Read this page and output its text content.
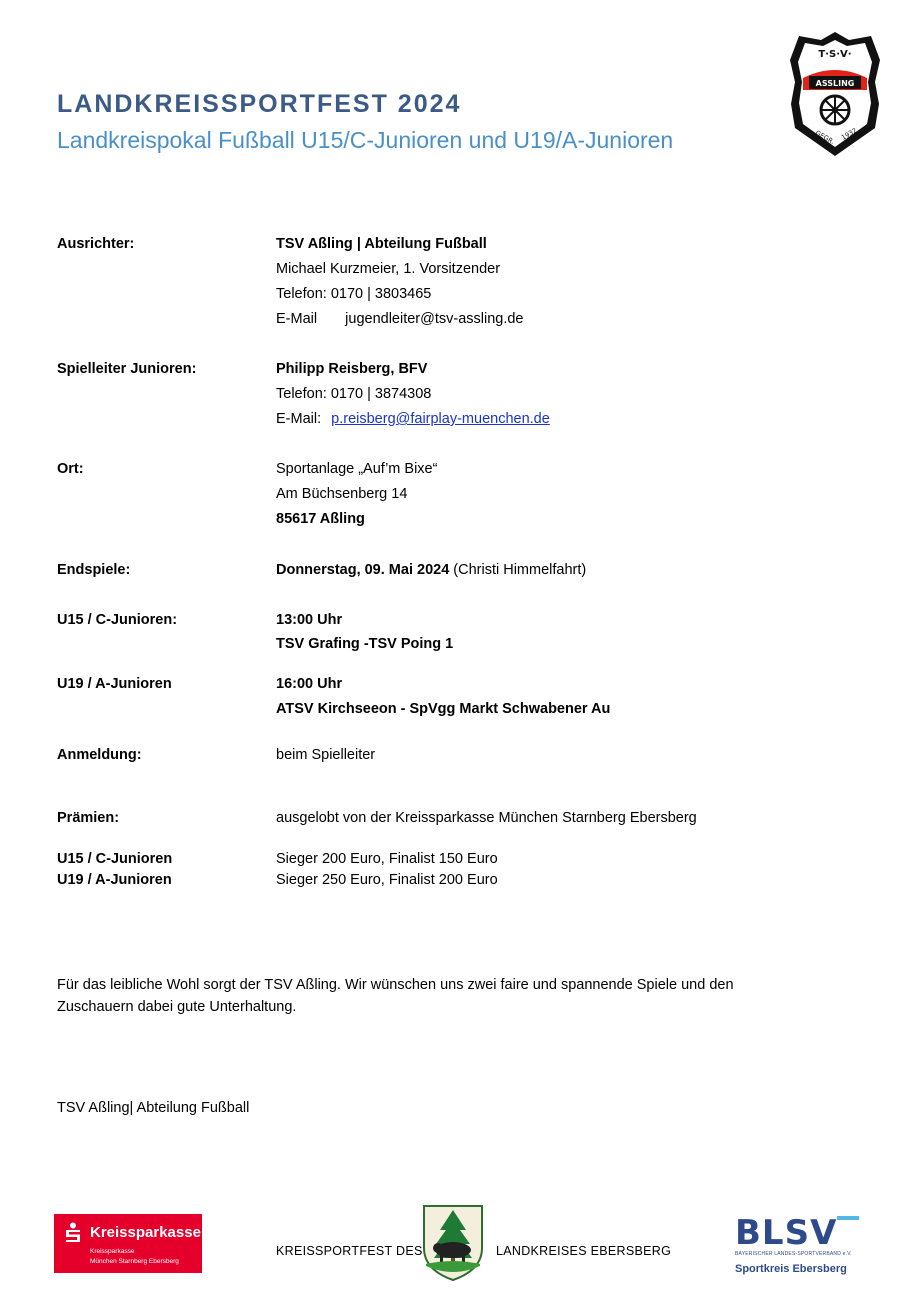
LANDKREISSPORTFEST 2024
Landkreispokal Fußball U15/C-Junioren und U19/A-Junioren
T·S·V·
ASSLING
GEGR. 1932
Ausrichter:	TSV Aßling | Abteilung Fußball
Michael Kurzmeier, 1. Vorsitzender
Telefon: 0170 | 3803465
E-Mail jugendleiter@tsv-assling.de
Spielleiter Junioren:	Philipp Reisberg, BFV
Telefon: 0170 | 3874308
E-Mail: p.reisberg@fairplay-muenchen.de
Ort:	Sportanlage „Auf’m Bixe“
Am Büchsenberg 14
85617 Aßling
Endspiele:	Donnerstag, 09. Mai 2024 (Christi Himmelfahrt)
U15 / C-Junioren:	13:00 Uhr
TSV Grafing -TSV Poing 1
U19 / A-Junioren	16:00 Uhr
ATSV Kirchseeon - SpVgg Markt Schwabener Au
Anmeldung:	beim Spielleiter
Prämien:	ausgelobt von der Kreissparkasse München Starnberg Ebersberg
U15 / C-Junioren	Sieger 200 Euro, Finalist 150 Euro
U19 / A-Junioren	Sieger 250 Euro, Finalist 200 Euro
Für das leibliche Wohl sorgt der TSV Aßling. Wir wünschen uns zwei faire und spannende Spiele und den Zuschauern dabei gute Unterhaltung.
TSV Aßling| Abteilung Fußball
Kreissparkasse
Kreissparkasse
München Starnberg Ebersberg
KREISSPORTFEST DES	LANDKREISES EBERSBERG BLSV
BAYERISCHER LANDES-SPORTVERBAND e.V.
Sportkreis Ebersberg
